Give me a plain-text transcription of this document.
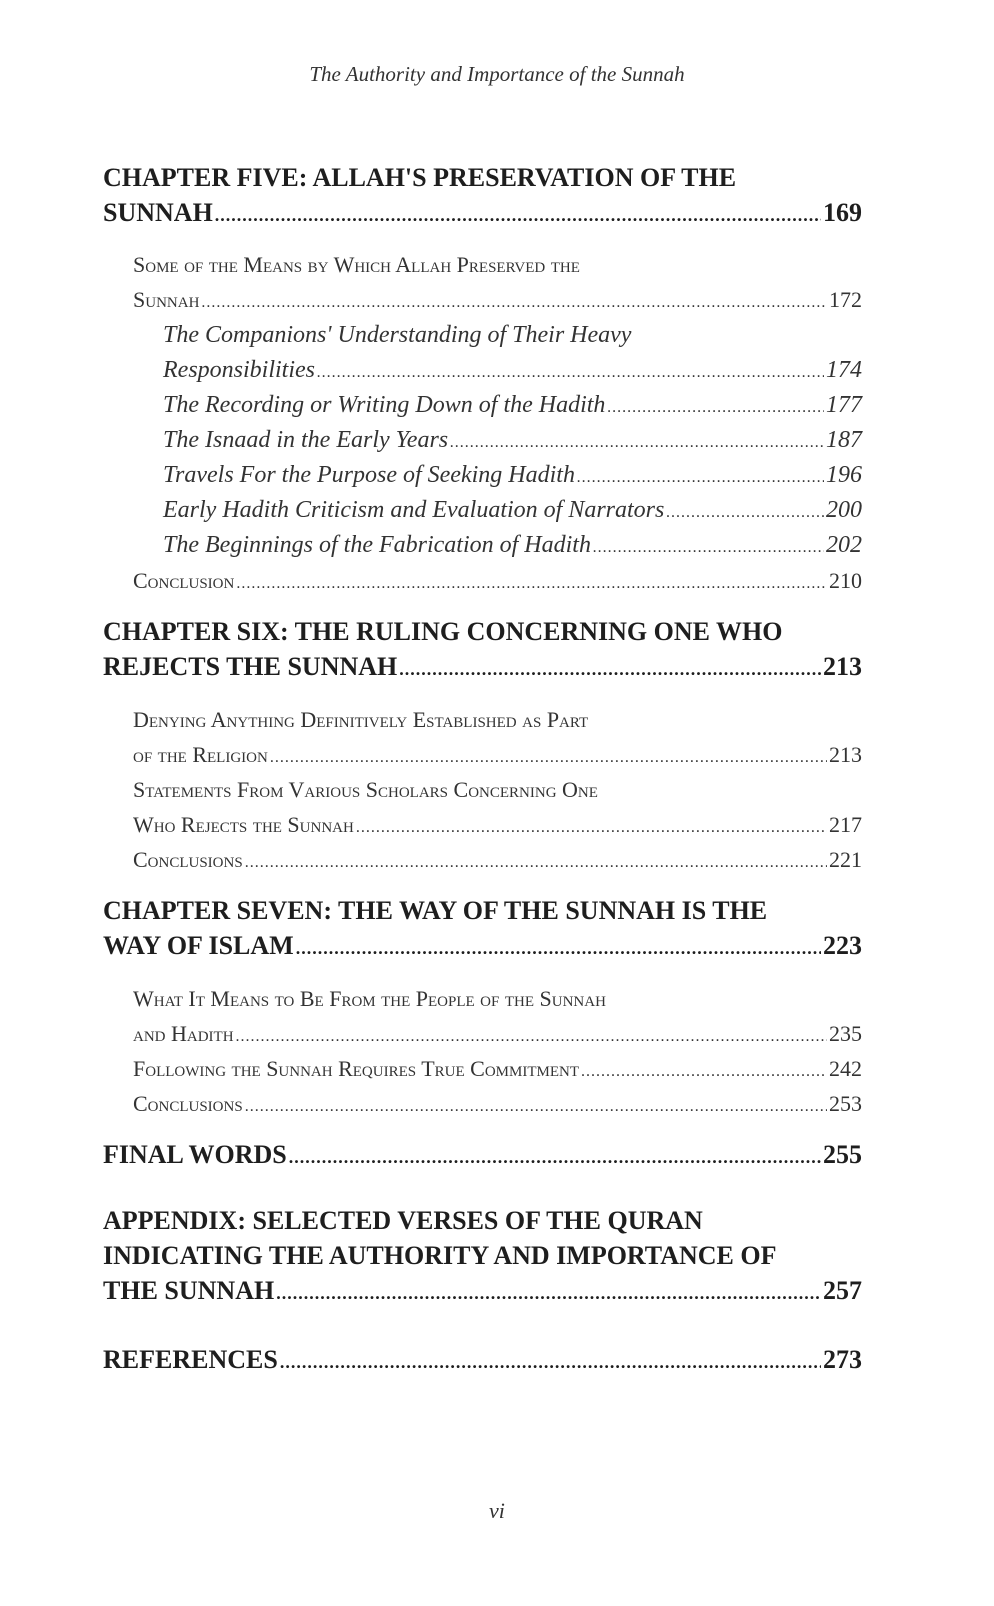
The Authority and Importance of the Sunnah
CHAPTER FIVE: ALLAH'S PRESERVATION OF THE
SUNNAH .....	169
Some of the Means by Which Allah Preserved the
Sunnah .....	172
The Companions' Understanding of Their Heavy
Responsibilities .....	174
The Recording or Writing Down of the Hadith .....	177
The Isnaad in the Early Years .....	187
Travels For the Purpose of Seeking Hadith .....	196
Early Hadith Criticism and Evaluation of Narrators .....	200
The Beginnings of the Fabrication of Hadith .....	202
Conclusion .....	210
CHAPTER SIX: THE RULING CONCERNING ONE WHO
REJECTS THE SUNNAH .....	213
Denying Anything Definitively Established as Part
of the Religion .....	213
Statements From Various Scholars Concerning One
Who Rejects the Sunnah .....	217
Conclusions .....	221
CHAPTER SEVEN: THE WAY OF THE SUNNAH IS THE
WAY OF ISLAM .....	223
What It Means to Be From the People of the Sunnah
and Hadith .....	235
Following the Sunnah Requires True Commitment .....	242
Conclusions .....	253
FINAL WORDS .....	255
APPENDIX: SELECTED VERSES OF THE QURAN
INDICATING THE AUTHORITY AND IMPORTANCE OF
THE SUNNAH .....	257
REFERENCES .....	273
vi
